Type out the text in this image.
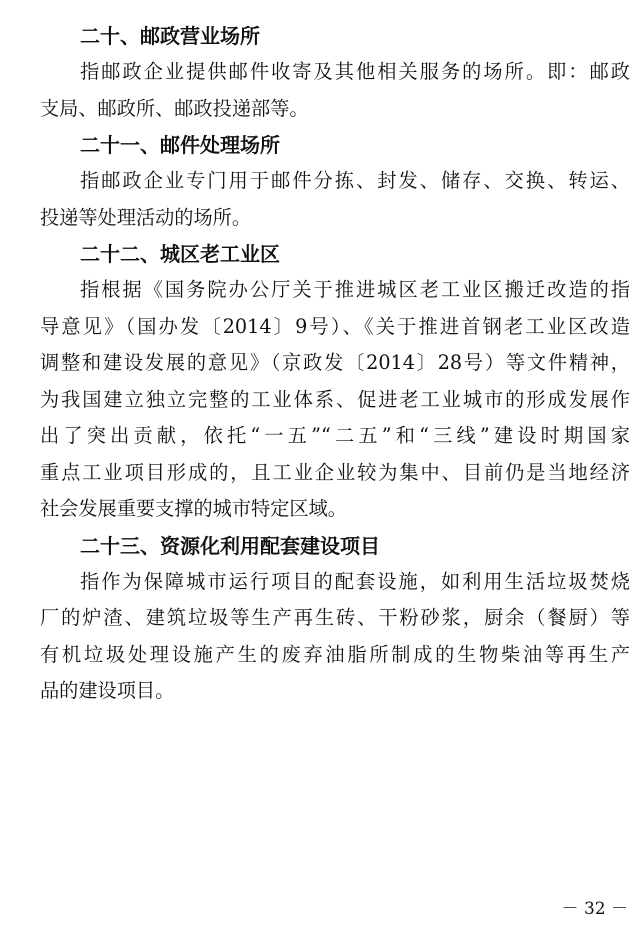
二十、邮政营业场所

指邮政企业提供邮件收寄及其他相关服务的场所。即：邮政
支局、邮政所、邮政投递部等。

二十一、邮件处理场所

指邮政企业专门用于邮件分拣、封发、储存、交换、转运、
投递等处理活动的场所。

二十二、城区老工业区

指根据《国务院办公厅关于推进城区老工业区搬迁改造的指
导意见》（国办发〔2014〕9号）、《关于推进首钢老工业区改造
调整和建设发展的意见》（京政发〔2014〕28号）等文件精神，
为我国建立独立完整的工业体系、促进老工业城市的形成发展作
出了突出贡献，依托“一五”“二五”和“三线”建设时期国家
重点工业项目形成的，且工业企业较为集中、目前仍是当地经济
社会发展重要支撑的城市特定区域。

二十三、资源化利用配套建设项目

指作为保障城市运行项目的配套设施，如利用生活垃圾焚烧
厂的炉渣、建筑垃圾等生产再生砖、干粉砂浆，厨余（餐厨）等
有机垃圾处理设施产生的废弃油脂所制成的生物柴油等再生产
品的建设项目。

－ 32 －
